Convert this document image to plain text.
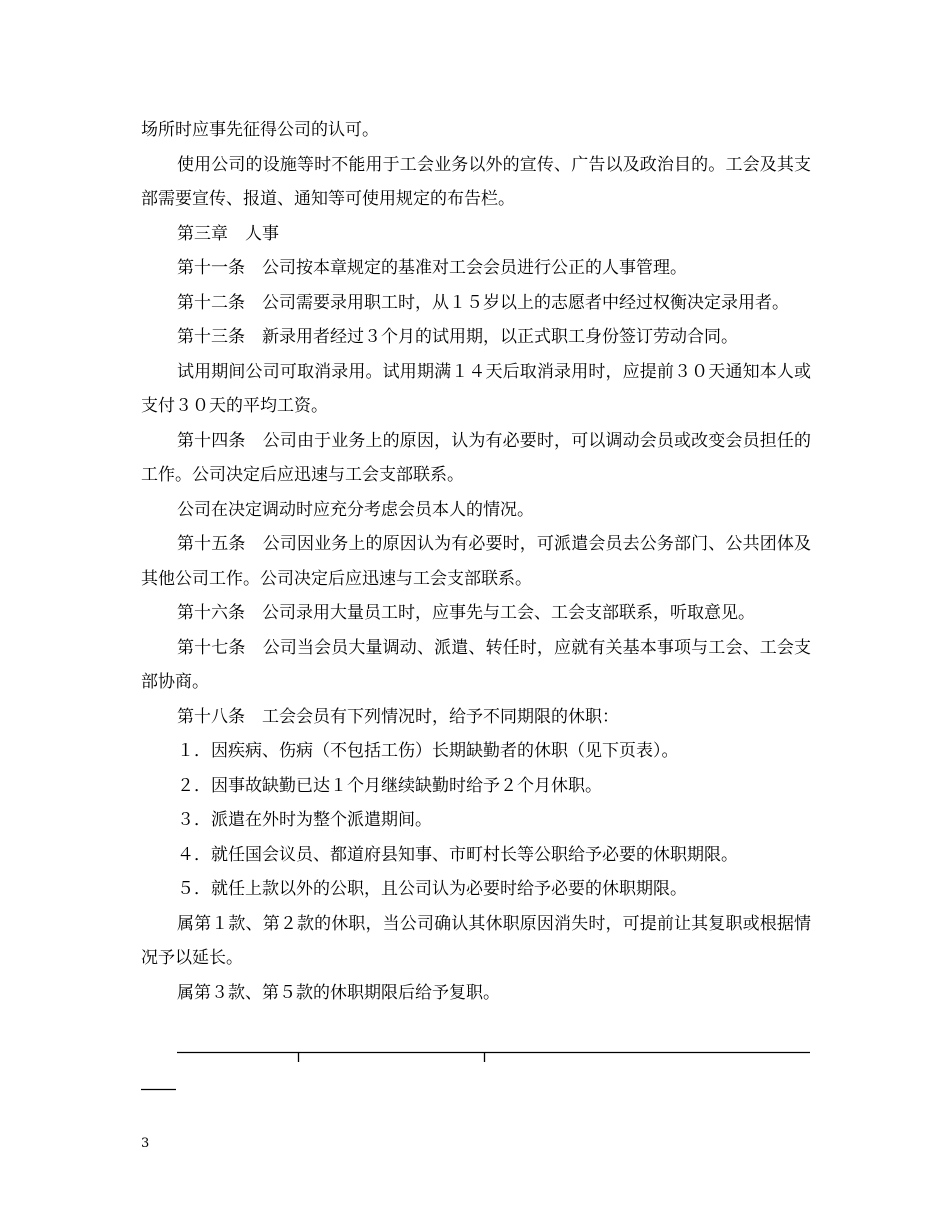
场所时应事先征得公司的认可。

使用公司的设施等时不能用于工会业务以外的宣传、广告以及政治目的。工会及其支部需要宣传、报道、通知等可使用规定的布告栏。

第三章　人事

第十一条　公司按本章规定的基准对工会会员进行公正的人事管理。

第十二条　公司需要录用职工时，从１５岁以上的志愿者中经过权衡决定录用者。

第十三条　新录用者经过３个月的试用期，以正式职工身份签订劳动合同。

试用期间公司可取消录用。试用期满１４天后取消录用时，应提前３０天通知本人或支付３０天的平均工资。

第十四条　公司由于业务上的原因，认为有必要时，可以调动会员或改变会员担任的工作。公司决定后应迅速与工会支部联系。

公司在决定调动时应充分考虑会员本人的情况。

第十五条　公司因业务上的原因认为有必要时，可派遣会员去公务部门、公共团体及其他公司工作。公司决定后应迅速与工会支部联系。

第十六条　公司录用大量员工时，应事先与工会、工会支部联系，听取意见。

第十七条　公司当会员大量调动、派遣、转任时，应就有关基本事项与工会、工会支部协商。

第十八条　工会会员有下列情况时，给予不同期限的休职：

１．因疾病、伤病（不包括工伤）长期缺勤者的休职（见下页表）。

２．因事故缺勤已达１个月继续缺勤时给予２个月休职。

３．派遣在外时为整个派遣期间。

４．就任国会议员、都道府县知事、市町村长等公职给予必要的休职期限。

５．就任上款以外的公职，且公司认为必要时给予必要的休职期限。

属第１款、第２款的休职，当公司确认其休职原因消失时，可提前让其复职或根据情况予以延长。

属第３款、第５款的休职期限后给予复职。

3
